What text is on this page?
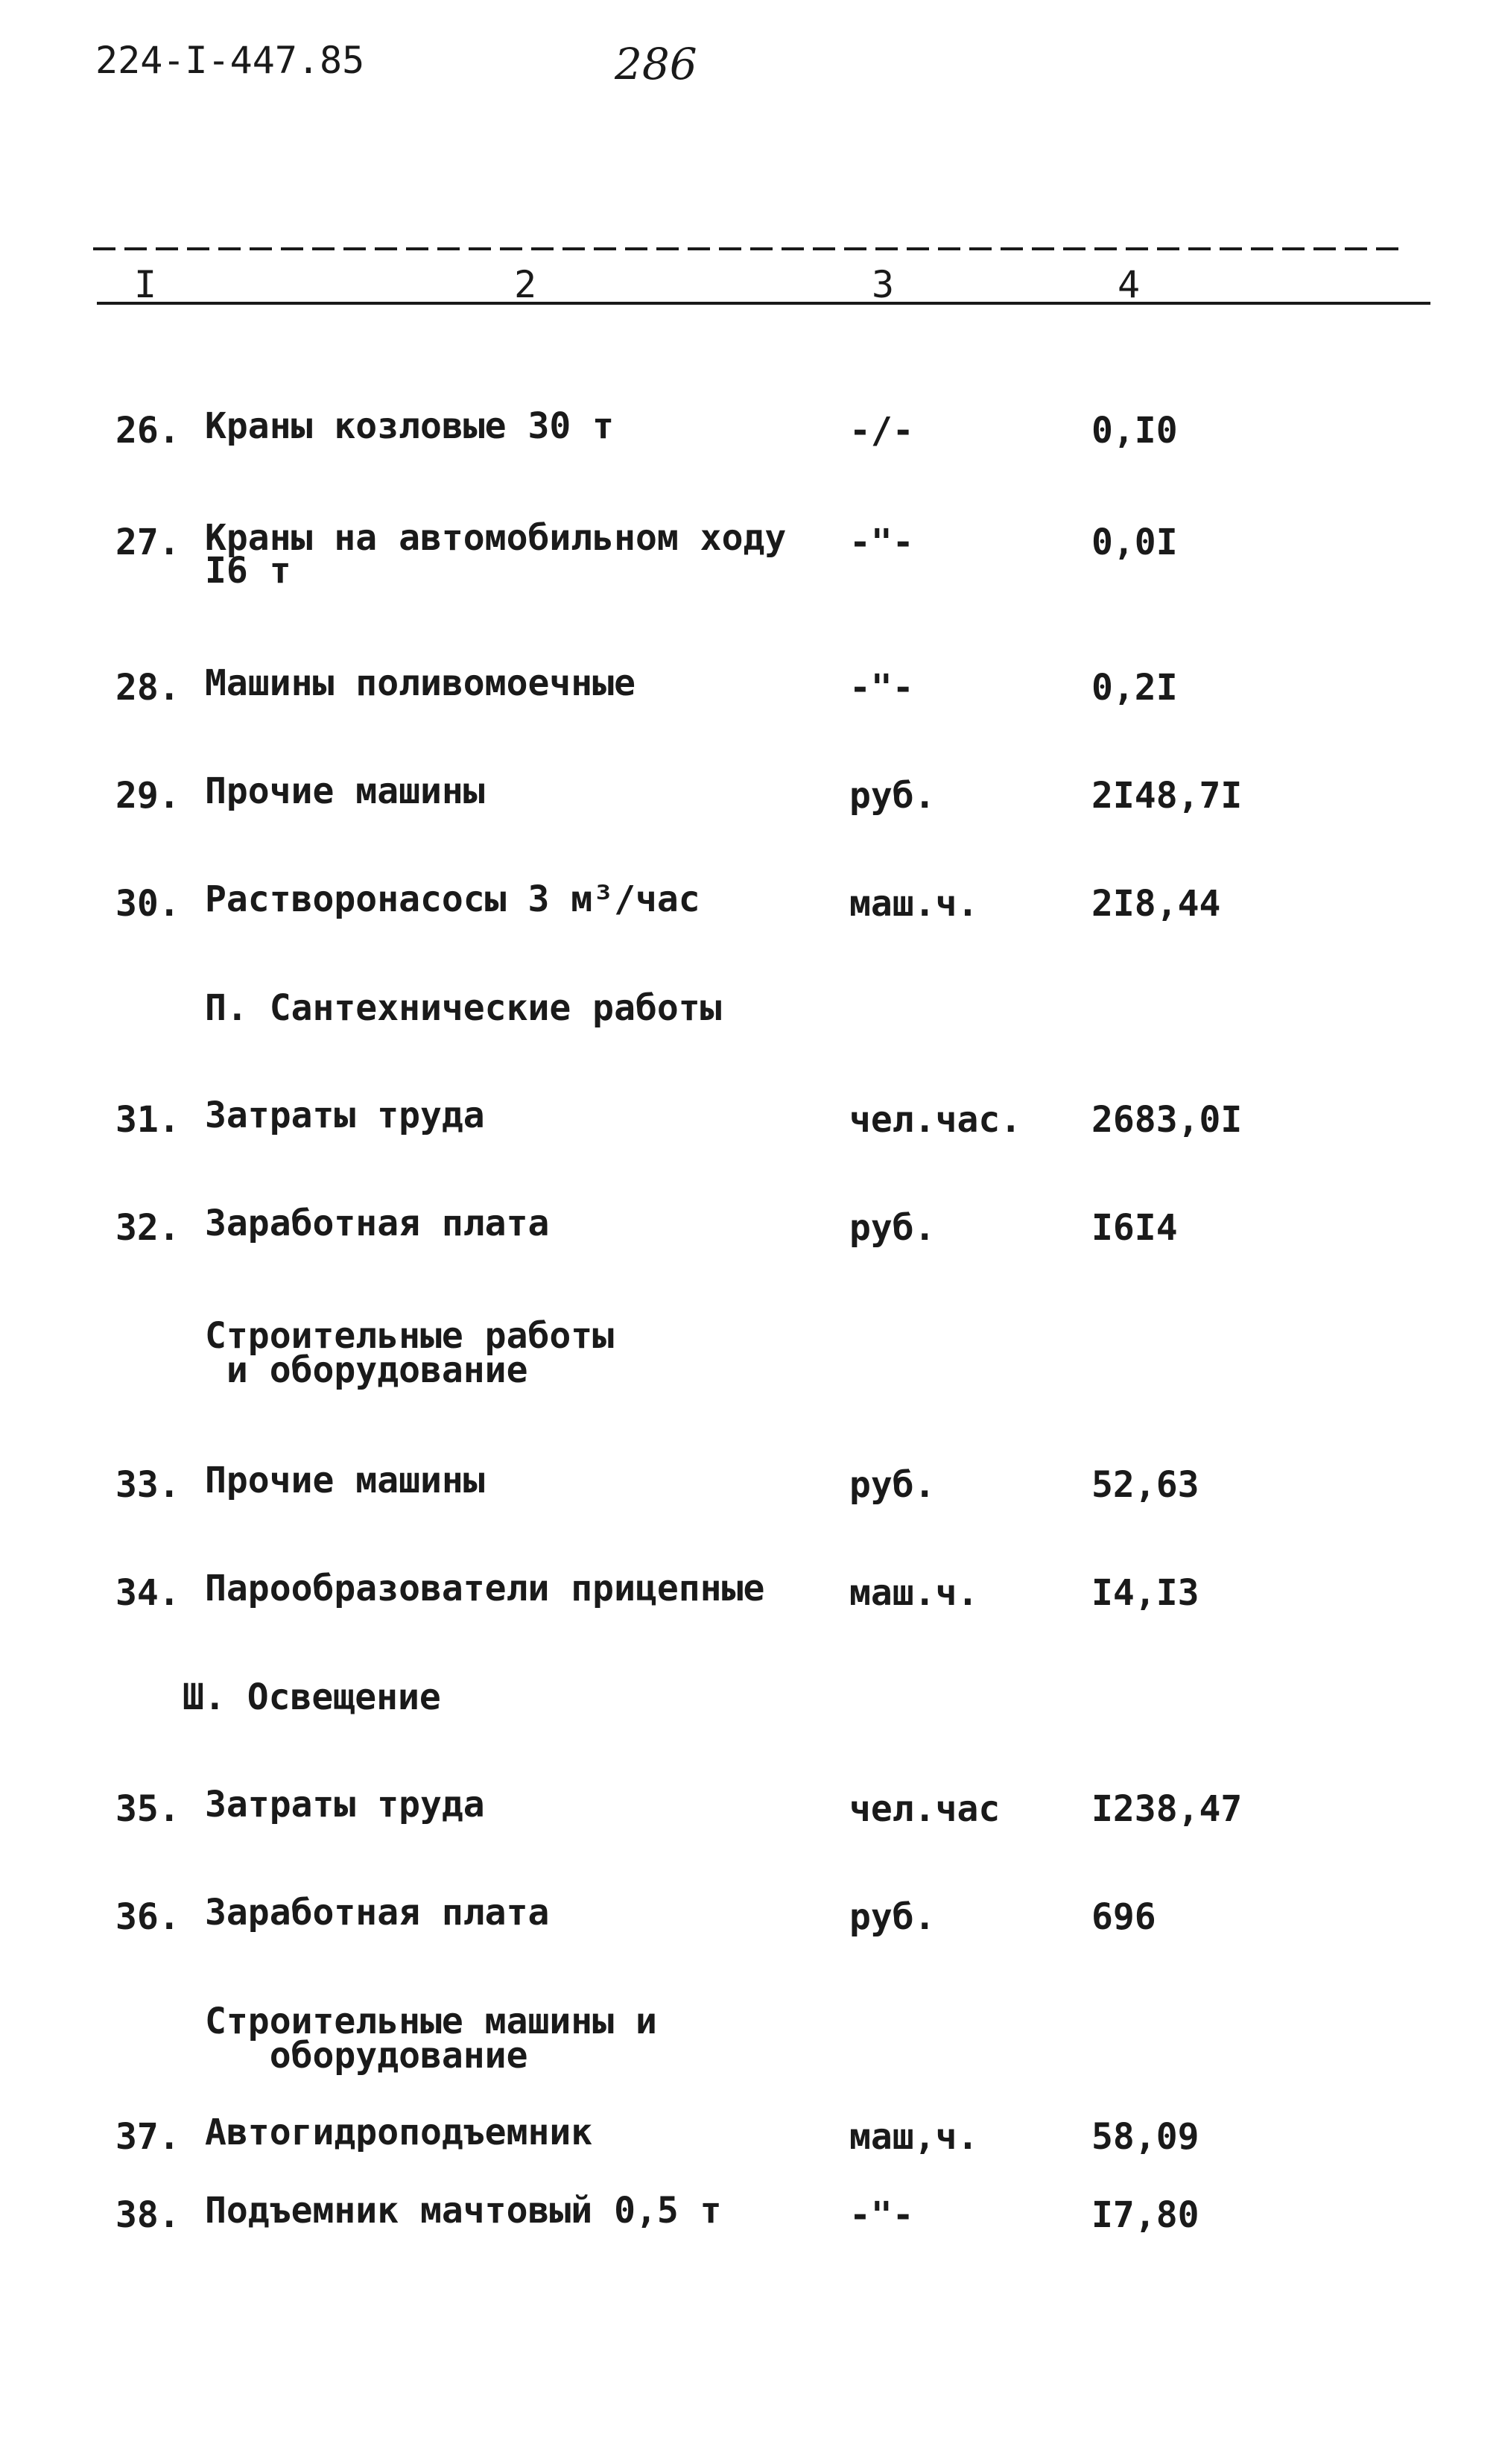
224-I-447.85	286
I	2	3	4
26. Краны козловые 30 т	-/-	0,I0
27. Краны на автомобильном ходу
I6 т
-"-	0,0I
28. Машины поливомоечные	-"-	0,2I
29. Прочие машины	руб.	2I48,7I
30. Растворонасосы 3 м³/час	маш.ч.	2I8,44
П. Сантехнические работы
31. Затраты труда	чел.час. 2683,0I
32. Заработная плата	руб.	I6I4
Строительные работы
и оборудование
33. Прочие машины	руб.	52,63
34. Парообразователи прицепные маш.ч.	I4,I3
Ш. Освещение
35. Затраты труда	чел.час	I238,47
36. Заработная плата	руб.	696
Строительные машины и
оборудование
37. Автогидроподъемник	маш,ч.	58,09
38. Подъемник мачтовый 0,5 т	-"-	I7,80
